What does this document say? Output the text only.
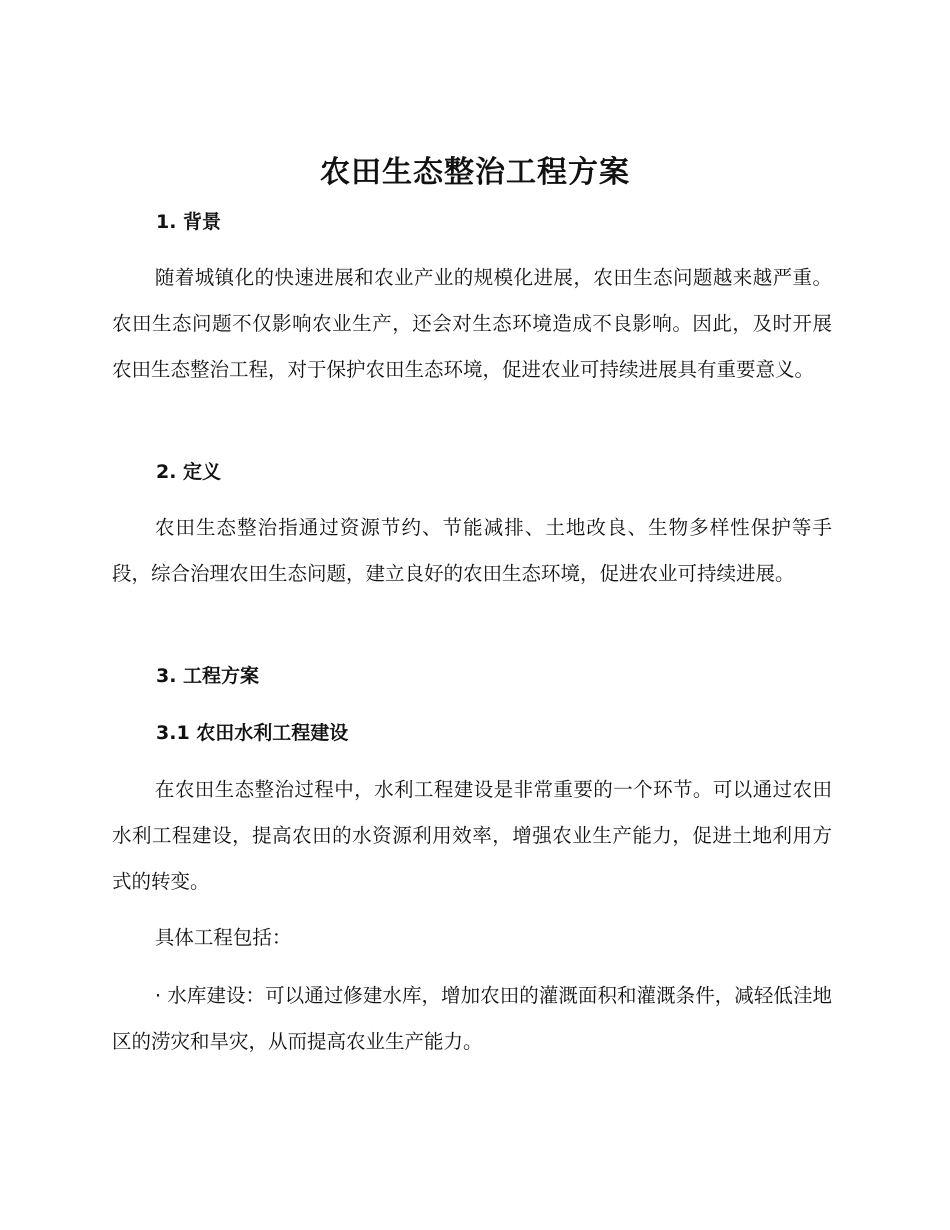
农田生态整治工程方案
1. 背景

随着城镇化的快速进展和农业产业的规模化进展，农田生态问题越来越严重。农田生态问题不仅影响农业生产，还会对生态环境造成不良影响。因此，及时开展农田生态整治工程，对于保护农田生态环境，促进农业可持续进展具有重要意义。

2. 定义

农田生态整治指通过资源节约、节能减排、土地改良、生物多样性保护等手段，综合治理农田生态问题，建立良好的农田生态环境，促进农业可持续进展。

3. 工程方案
3.1 农田水利工程建设

在农田生态整治过程中，水利工程建设是非常重要的一个环节。可以通过农田水利工程建设，提高农田的水资源利用效率，增强农业生产能力，促进土地利用方式的转变。

具体工程包括：

· 水库建设：可以通过修建水库，增加农田的灌溉面积和灌溉条件，减轻低洼地区的涝灾和旱灾，从而提高农业生产能力。
